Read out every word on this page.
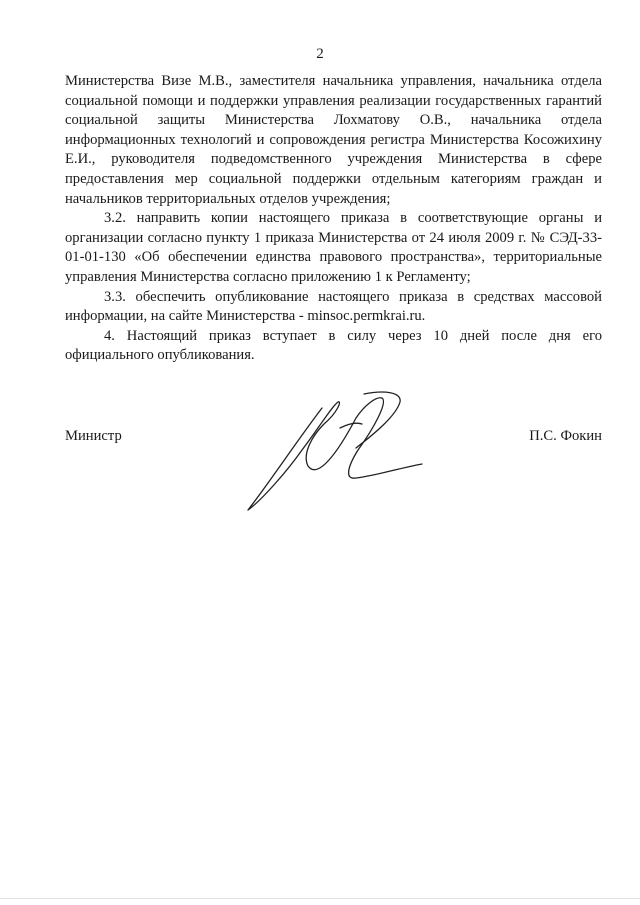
2

Министерства Визе М.В., заместителя начальника управления, начальника отдела социальной помощи и поддержки управления реализации государственных гарантий социальной защиты Министерства Лохматову О.В., начальника отдела информационных технологий и сопровождения регистра Министерства Косожихину Е.И., руководителя подведомственного учреждения Министерства в сфере предоставления мер социальной поддержки отдельным категориям граждан и начальников территориальных отделов учреждения;

3.2. направить копии настоящего приказа в соответствующие органы и организации согласно пункту 1 приказа Министерства от 24 июля 2009 г. № СЭД-33-01-01-130 «Об обеспечении единства правового пространства», территориальные управления Министерства согласно приложению 1 к Регламенту;

3.3. обеспечить опубликование настоящего приказа в средствах массовой информации, на сайте Министерства - minsoc.permkrai.ru.

4. Настоящий приказ вступает в силу через 10 дней после дня его официального опубликования.

Министр	П.С. Фокин
